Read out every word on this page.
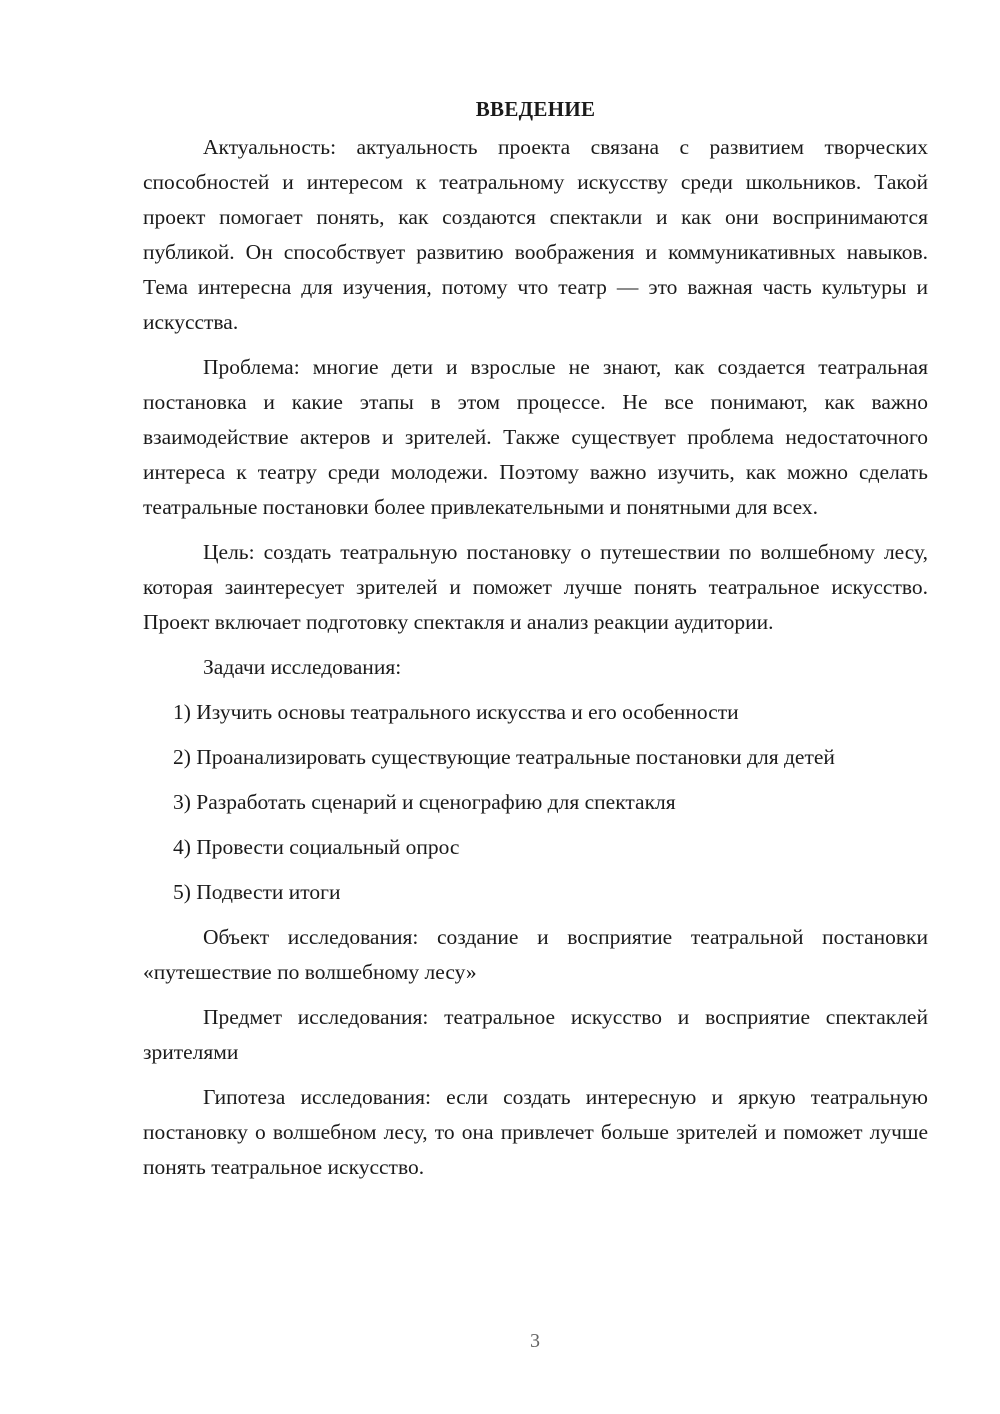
ВВЕДЕНИЕ

Актуальность: актуальность проекта связана с развитием творческих способностей и интересом к театральному искусству среди школьников. Такой проект помогает понять, как создаются спектакли и как они воспринимаются публикой. Он способствует развитию воображения и коммуникативных навыков. Тема интересна для изучения, потому что театр — это важная часть культуры и искусства.

Проблема: многие дети и взрослые не знают, как создается театральная постановка и какие этапы в этом процессе. Не все понимают, как важно взаимодействие актеров и зрителей. Также существует проблема недостаточного интереса к театру среди молодежи. Поэтому важно изучить, как можно сделать театральные постановки более привлекательными и понятными для всех.

Цель: создать театральную постановку о путешествии по волшебному лесу, которая заинтересует зрителей и поможет лучше понять театральное искусство. Проект включает подготовку спектакля и анализ реакции аудитории.

Задачи исследования:

1) Изучить основы театрального искусства и его особенности

2) Проанализировать существующие театральные постановки для детей

3) Разработать сценарий и сценографию для спектакля

4) Провести социальный опрос

5) Подвести итоги

Объект исследования: создание и восприятие театральной постановки «путешествие по волшебному лесу»

Предмет исследования: театральное искусство и восприятие спектаклей зрителями

Гипотеза исследования: если создать интересную и яркую театральную постановку о волшебном лесу, то она привлечет больше зрителей и поможет лучше понять театральное искусство.

3
